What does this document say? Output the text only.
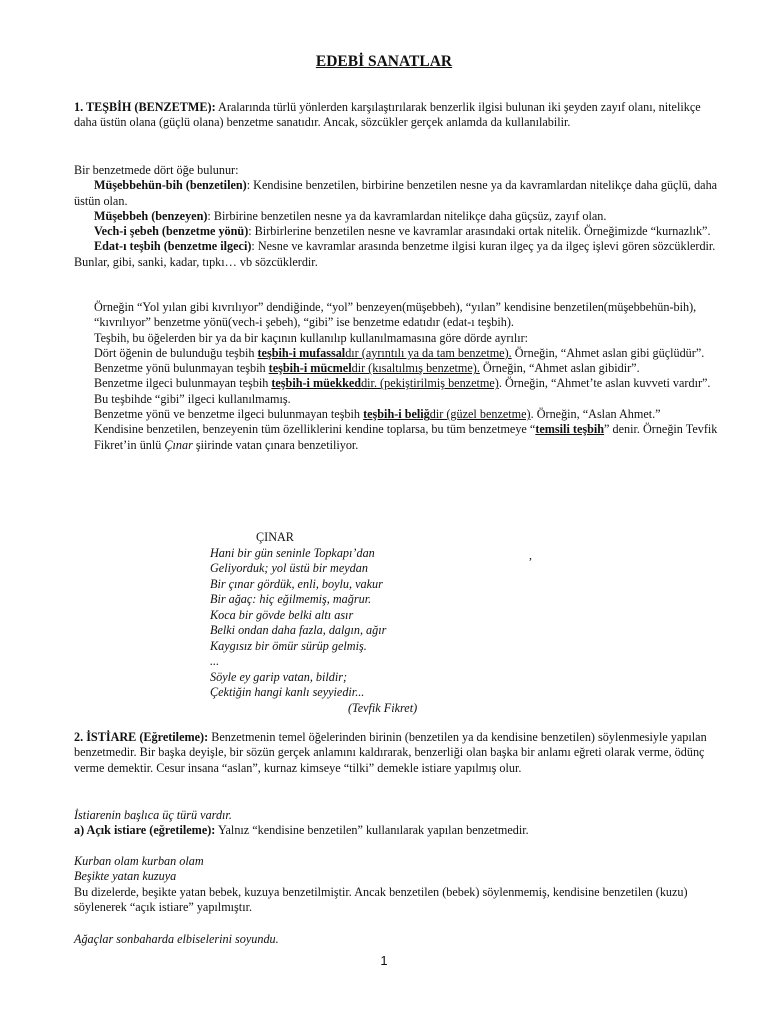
EDEBİ SANATLAR
1. TEŞBİH (BENZETME): Aralarında türlü yönlerden karşılaştırılarak benzerlik ilgisi bulunan iki şeyden zayıf olanı, nitelikçe daha üstün olana (güçlü olana) benzetme sanatıdır. Ancak, sözcükler gerçek anlamda da kullanılabilir.
Bir benzetmede dört öğe bulunur:
Müşebbehün-bih (benzetilen): Kendisine benzetilen, birbirine benzetilen nesne ya da kavramlardan nitelikçe daha güçlü, daha üstün olan.
Müşebbeh (benzeyen): Birbirine benzetilen nesne ya da kavramlardan nitelikçe daha güçsüz, zayıf olan.
Vech-i şebeh (benzetme yönü): Birbirlerine benzetilen nesne ve kavramlar arasındaki ortak nitelik. Örneğimizde “kurnazlık”.
Edat-ı teşbih (benzetme ilgeci): Nesne ve kavramlar arasında benzetme ilgisi kuran ilgeç ya da ilgeç işlevi gören sözcüklerdir. Bunlar, gibi, sanki, kadar, tıpkı… vb sözcüklerdir.
Örneğin “Yol yılan gibi kıvrılıyor” dendiğinde, “yol” benzeyen(müşebbeh), “yılan” kendisine benzetilen(müşebbehün-bih), “kıvrılıyor” benzetme yönü(vech-i şebeh), “gibi” ise benzetme edatıdır (edat-ı teşbih).
Teşbih, bu öğelerden bir ya da bir kaçının kullanılıp kullanılmamasına göre dörde ayrılır:
Dört öğenin de bulunduğu teşbih teşbih-i mufassaldır (ayrıntılı ya da tam benzetme). Örneğin, “Ahmet aslan gibi güçlüdür”.
Benzetme yönü bulunmayan teşbih teşbih-i mücmeldir (kısaltılmış benzetme). Örneğin, “Ahmet aslan gibidir”.
Benzetme ilgeci bulunmayan teşbih teşbih-i müekkeddir. (pekiştirilmiş benzetme). Örneğin, “Ahmet’te aslan kuvveti vardır”. Bu teşbihde “gibi” ilgeci kullanılmamış.
Benzetme yönü ve benzetme ilgeci bulunmayan teşbih teşbih-i beliğdir (güzel benzetme). Örneğin, “Aslan Ahmet.”
Kendisine benzetilen, benzeyenin tüm özelliklerini kendine toplarsa, bu tüm benzetmeye “temsili teşbih” denir. Örneğin Tevfik Fikret’in ünlü Çınar şiirinde vatan çınara benzetiliyor.
ÇINAR
Hani bir gün seninle Topkapı’dan
Geliyorduk; yol üstü bir meydan
Bir çınar gördük, enli, boylu, vakur
Bir ağaç: hiç eğilmemiş, mağrur.
Koca bir gövde belki altı asır
Belki ondan daha fazla, dalgın, ağır
Kaygısız bir ömür sürüp gelmiş.
...
Söyle ey garip vatan, bildir;
Çektiğin hangi kanlı seyyiedir...
(Tevfik Fikret)
,
2. İSTİARE (Eğretileme): Benzetmenin temel öğelerinden birinin (benzetilen ya da kendisine benzetilen) söylenmesiyle yapılan benzetmedir. Bir başka deyişle, bir sözün gerçek anlamını kaldırarak, benzerliği olan başka bir anlamı eğreti olarak verme, ödünç verme demektir. Cesur insana “aslan”, kurnaz kimseye “tilki” demekle istiare yapılmış olur.
İstiarenin başlıca üç türü vardır.
a) Açık istiare (eğretileme): Yalnız “kendisine benzetilen” kullanılarak yapılan benzetmedir.
Kurban olam kurban olam
Beşikte yatan kuzuya
Bu dizelerde, beşikte yatan bebek, kuzuya benzetilmiştir. Ancak benzetilen (bebek) söylenmemiş, kendisine benzetilen (kuzu) söylenerek “açık istiare” yapılmıştır.
Ağaçlar sonbaharda elbiselerini soyundu.
1
